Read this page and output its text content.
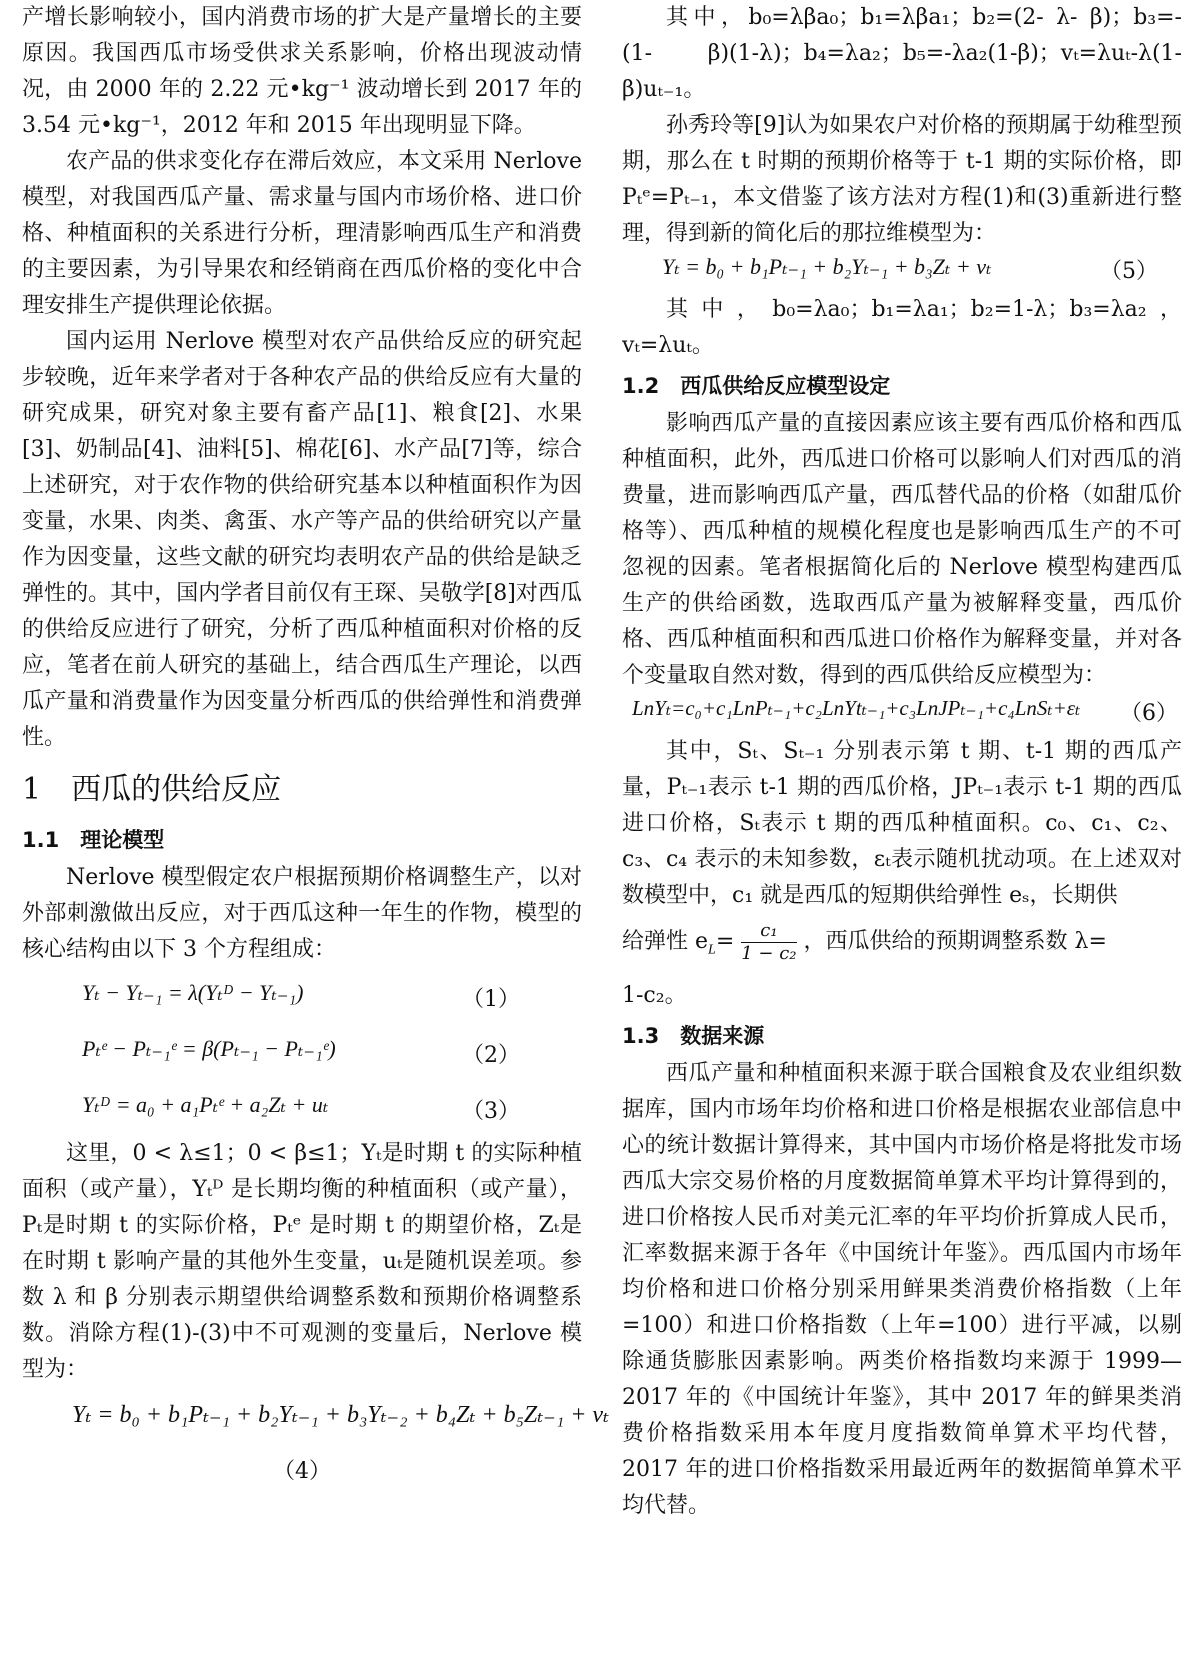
产增长影响较小，国内消费市场的扩大是产量增长的主要原因。我国西瓜市场受供求关系影响，价格出现波动情况，由 2000 年的 2.22 元•kg⁻¹ 波动增长到 2017 年的 3.54 元•kg⁻¹，2012 年和 2015 年出现明显下降。

农产品的供求变化存在滞后效应，本文采用 Nerlove 模型，对我国西瓜产量、需求量与国内市场价格、进口价格、种植面积的关系进行分析，理清影响西瓜生产和消费的主要因素，为引导果农和经销商在西瓜价格的变化中合理安排生产提供理论依据。

国内运用 Nerlove 模型对农产品供给反应的研究起步较晚，近年来学者对于各种农产品的供给反应有大量的研究成果，研究对象主要有畜产品[1]、粮食[2]、水果[3]、奶制品[4]、油料[5]、棉花[6]、水产品[7]等，综合上述研究，对于农作物的供给研究基本以种植面积作为因变量，水果、肉类、禽蛋、水产等产品的供给研究以产量作为因变量，这些文献的研究均表明农产品的供给是缺乏弹性的。其中，国内学者目前仅有王琛、吴敬学[8]对西瓜的供给反应进行了研究，分析了西瓜种植面积对价格的反应，笔者在前人研究的基础上，结合西瓜生产理论，以西瓜产量和消费量作为因变量分析西瓜的供给弹性和消费弹性。

1　西瓜的供给反应
1.1　理论模型

Nerlove 模型假定农户根据预期价格调整生产，以对外部刺激做出反应，对于西瓜这种一年生的作物，模型的核心结构由以下 3 个方程组成：

Yₜ − Yₜ₋₁ = λ(Yₜᴰ − Yₜ₋₁)	（1）
Pₜᵉ − Pₜ₋₁ᵉ = β(Pₜ₋₁ − Pₜ₋₁ᵉ)	（2）
Yₜᴰ = a₀ + a₁Pₜᵉ + a₂Zₜ + uₜ	（3）

这里，0 < λ≤1；0 < β≤1；Yₜ是时期 t 的实际种植面积（或产量），Yₜᴰ 是长期均衡的种植面积（或产量），Pₜ是时期 t 的实际价格，Pₜᵉ 是时期 t 的期望价格，Zₜ是在时期 t 影响产量的其他外生变量，uₜ是随机误差项。参数 λ 和 β 分别表示期望供给调整系数和预期价格调整系数。消除方程(1)-(3)中不可观测的变量后，Nerlove 模型为：

Yₜ = b₀ + b₁Pₜ₋₁ + b₂Yₜ₋₁ + b₃Yₜ₋₂ + b₄Zₜ + b₅Zₜ₋₁ + vₜ
（4）

其中，b₀=λβa₀；b₁=λβa₁；b₂=(2- λ- β)；b₃=- (1- β)(1-λ)；b₄=λa₂；b₅=-λa₂(1-β)；vₜ=λuₜ-λ(1-β)uₜ₋₁。

孙秀玲等[9]认为如果农户对价格的预期属于幼稚型预期，那么在 t 时期的预期价格等于 t-1 期的实际价格，即 Pₜᵉ=Pₜ₋₁，本文借鉴了该方法对方程(1)和(3)重新进行整理，得到新的简化后的那拉维模型为：

Yₜ = b₀ + b₁Pₜ₋₁ + b₂Yₜ₋₁ + b₃Zₜ + vₜ	（5）

其中，b₀=λa₀；b₁=λa₁；b₂=1-λ；b₃=λa₂，vₜ=λuₜ。

1.2　西瓜供给反应模型设定

影响西瓜产量的直接因素应该主要有西瓜价格和西瓜种植面积，此外，西瓜进口价格可以影响人们对西瓜的消费量，进而影响西瓜产量，西瓜替代品的价格（如甜瓜价格等）、西瓜种植的规模化程度也是影响西瓜生产的不可忽视的因素。笔者根据简化后的 Nerlove 模型构建西瓜生产的供给函数，选取西瓜产量为被解释变量，西瓜价格、西瓜种植面积和西瓜进口价格作为解释变量，并对各个变量取自然对数，得到的西瓜供给反应模型为：

LnYₜ=c₀+c₁LnPₜ₋₁+c₂LnYtₜ₋₁+c₃LnJPₜ₋₁+c₄LnSₜ+εₜ （6）

其中，Sₜ、Sₜ₋₁ 分别表示第 t 期、t-1 期的西瓜产量，Pₜ₋₁表示 t-1 期的西瓜价格，JPₜ₋₁表示 t-1 期的西瓜进口价格，Sₜ表示 t 期的西瓜种植面积。c₀、c₁、c₂、c₃、c₄ 表示的未知参数，εₜ表示随机扰动项。在上述双对数模型中，c₁ 就是西瓜的短期供给弹性 eₛ，长期供

给弹性 $e_L= \frac{\text{c₁}}{\text{1 − c₂}}$ ，西瓜供给的预期调整系数 λ=

1-c₂。

1.3　数据来源

西瓜产量和种植面积来源于联合国粮食及农业组织数据库，国内市场年均价格和进口价格是根据农业部信息中心的统计数据计算得来，其中国内市场价格是将批发市场西瓜大宗交易价格的月度数据简单算术平均计算得到的，进口价格按人民币对美元汇率的年平均价折算成人民币，汇率数据来源于各年《中国统计年鉴》。西瓜国内市场年均价格和进口价格分别采用鲜果类消费价格指数（上年=100）和进口价格指数（上年=100）进行平减，以剔除通货膨胀因素影响。两类价格指数均来源于 1999—2017 年的《中国统计年鉴》，其中 2017 年的鲜果类消费价格指数采用本年度月度指数简单算术平均代替，2017 年的进口价格指数采用最近两年的数据简单算术平均代替。
